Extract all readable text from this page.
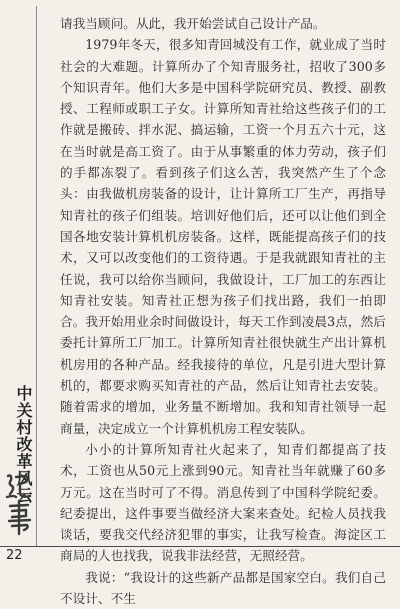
请我当顾问。从此，我开始尝试自己设计产品。

1979年冬天，很多知青回城没有工作，就业成了当时社会的大难题。计算所办了个知青服务社，招收了300多个知识青年。他们大多是中国科学院研究员、教授、副教授、工程师或职工子女。计算所知青社给这些孩子们的工作就是搬砖、拌水泥、搞运输，工资一个月五六十元，这在当时就是高工资了。由于从事繁重的体力劳动，孩子们的手都冻裂了。看到孩子们这么苦，我突然产生了个念头：由我做机房装备的设计，让计算所工厂生产，再指导知青社的孩子们组装。培训好他们后，还可以让他们到全国各地安装计算机机房装备。这样，既能提高孩子们的技术，又可以改变他们的工资待遇。于是我就跟知青社的主任说，我可以给你当顾问，我做设计，工厂加工的东西让知青社安装。知青社正想为孩子们找出路，我们一拍即合。我开始用业余时间做设计，每天工作到凌晨3点，然后委托计算所工厂加工。计算所知青社很快就生产出计算机机房用的各种产品。经我接待的单位，凡是引进大型计算机的，都要求购买知青社的产品，然后让知青社去安装。随着需求的增加，业务量不断增加。我和知青社领导一起商量，决定成立一个计算机机房工程安装队。

小小的计算所知青社火起来了，知青们都提高了技术，工资也从50元上涨到90元。知青社当年就赚了60多万元。这在当时可了不得。消息传到了中国科学院纪委。纪委提出，这件事要当做经济大案来查处。纪检人员找我谈话，要我交代经济犯罪的事实，让我写检查。海淀区工商局的人也找我，说我非法经营，无照经营。

我说：“我设计的这些新产品都是国家空白。我们自己不设计、不生

中关村改革风云
22
